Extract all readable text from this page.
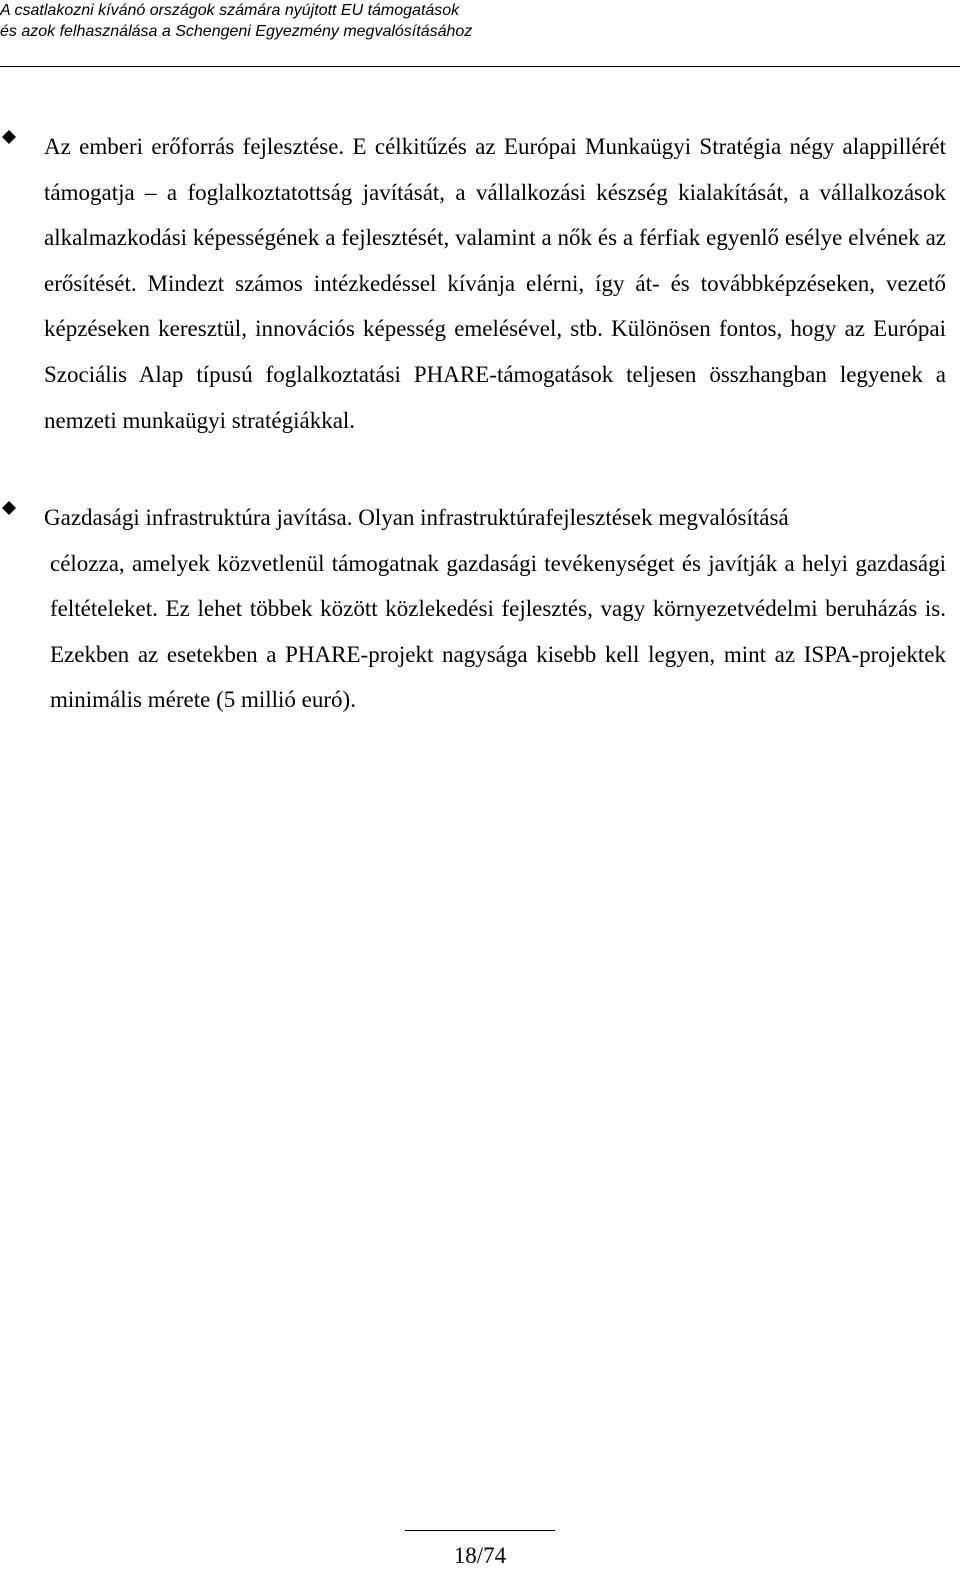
A csatlakozni kívánó országok számára nyújtott EU támogatások
és azok felhasználása a Schengeni Egyezmény megvalósításához

Az emberi erőforrás fejlesztése. E célkitűzés az Európai Munkaügyi Stratégia négy alappillérét támogatja – a foglalkoztatottság javítását, a vállalkozási készség kialakítását, a vállalkozások alkalmazkodási képességének a fejlesztését, valamint a nők és a férfiak egyenlő esélye elvének az erősítését. Mindezt számos intézkedéssel kívánja elérni, így át- és továbbképzéseken, vezető képzéseken keresztül, innovációs képesség emelésével, stb. Különösen fontos, hogy az Európai Szociális Alap típusú foglalkoztatási PHARE-támogatások teljesen összhangban legyenek a nemzeti munkaügyi stratégiákkal.

Gazdasági infrastruktúra javítása. Olyan infrastruktúrafejlesztések megvalósításá
célozza, amelyek közvetlenül támogatnak gazdasági tevékenységet és javítják a helyi gazdasági feltételeket. Ez lehet többek között közlekedési fejlesztés, vagy környezetvédelmi beruházás is. Ezekben az esetekben a PHARE-projekt nagysága kisebb kell legyen, mint az ISPA-projektek minimális mérete (5 millió euró).
18/74
